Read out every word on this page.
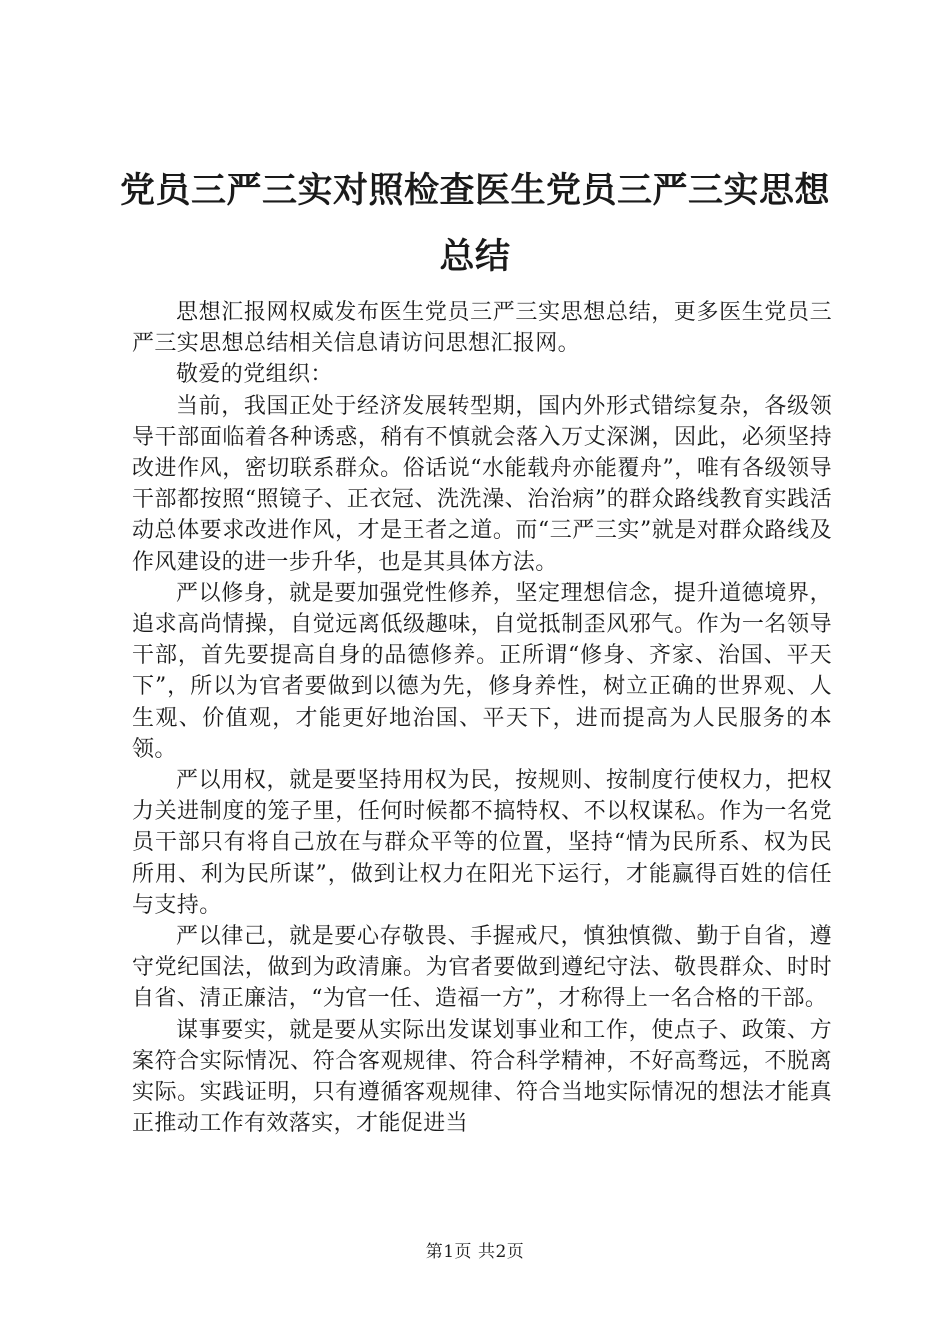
党员三严三实对照检查医生党员三严三实思想总结

思想汇报网权威发布医生党员三严三实思想总结，更多医生党员三严三实思想总结相关信息请访问思想汇报网。

敬爱的党组织：

当前，我国正处于经济发展转型期，国内外形式错综复杂，各级领导干部面临着各种诱惑，稍有不慎就会落入万丈深渊，因此，必须坚持改进作风，密切联系群众。俗话说“水能载舟亦能覆舟”，唯有各级领导干部都按照“照镜子、正衣冠、洗洗澡、治治病”的群众路线教育实践活动总体要求改进作风，才是王者之道。而“三严三实”就是对群众路线及作风建设的进一步升华，也是其具体方法。

严以修身，就是要加强党性修养，坚定理想信念，提升道德境界，追求高尚情操，自觉远离低级趣味，自觉抵制歪风邪气。作为一名领导干部，首先要提高自身的品德修养。正所谓“修身、齐家、治国、平天下”，所以为官者要做到以德为先，修身养性，树立正确的世界观、人生观、价值观，才能更好地治国、平天下，进而提高为人民服务的本领。

严以用权，就是要坚持用权为民，按规则、按制度行使权力，把权力关进制度的笼子里，任何时候都不搞特权、不以权谋私。作为一名党员干部只有将自己放在与群众平等的位置，坚持“情为民所系、权为民所用、利为民所谋”，做到让权力在阳光下运行，才能赢得百姓的信任与支持。

严以律己，就是要心存敬畏、手握戒尺，慎独慎微、勤于自省，遵守党纪国法，做到为政清廉。为官者要做到遵纪守法、敬畏群众、时时自省、清正廉洁，“为官一任、造福一方”，才称得上一名合格的干部。

谋事要实，就是要从实际出发谋划事业和工作，使点子、政策、方案符合实际情况、符合客观规律、符合科学精神，不好高骛远，不脱离实际。实践证明，只有遵循客观规律、符合当地实际情况的想法才能真正推动工作有效落实，才能促进当

第1页 共2页
